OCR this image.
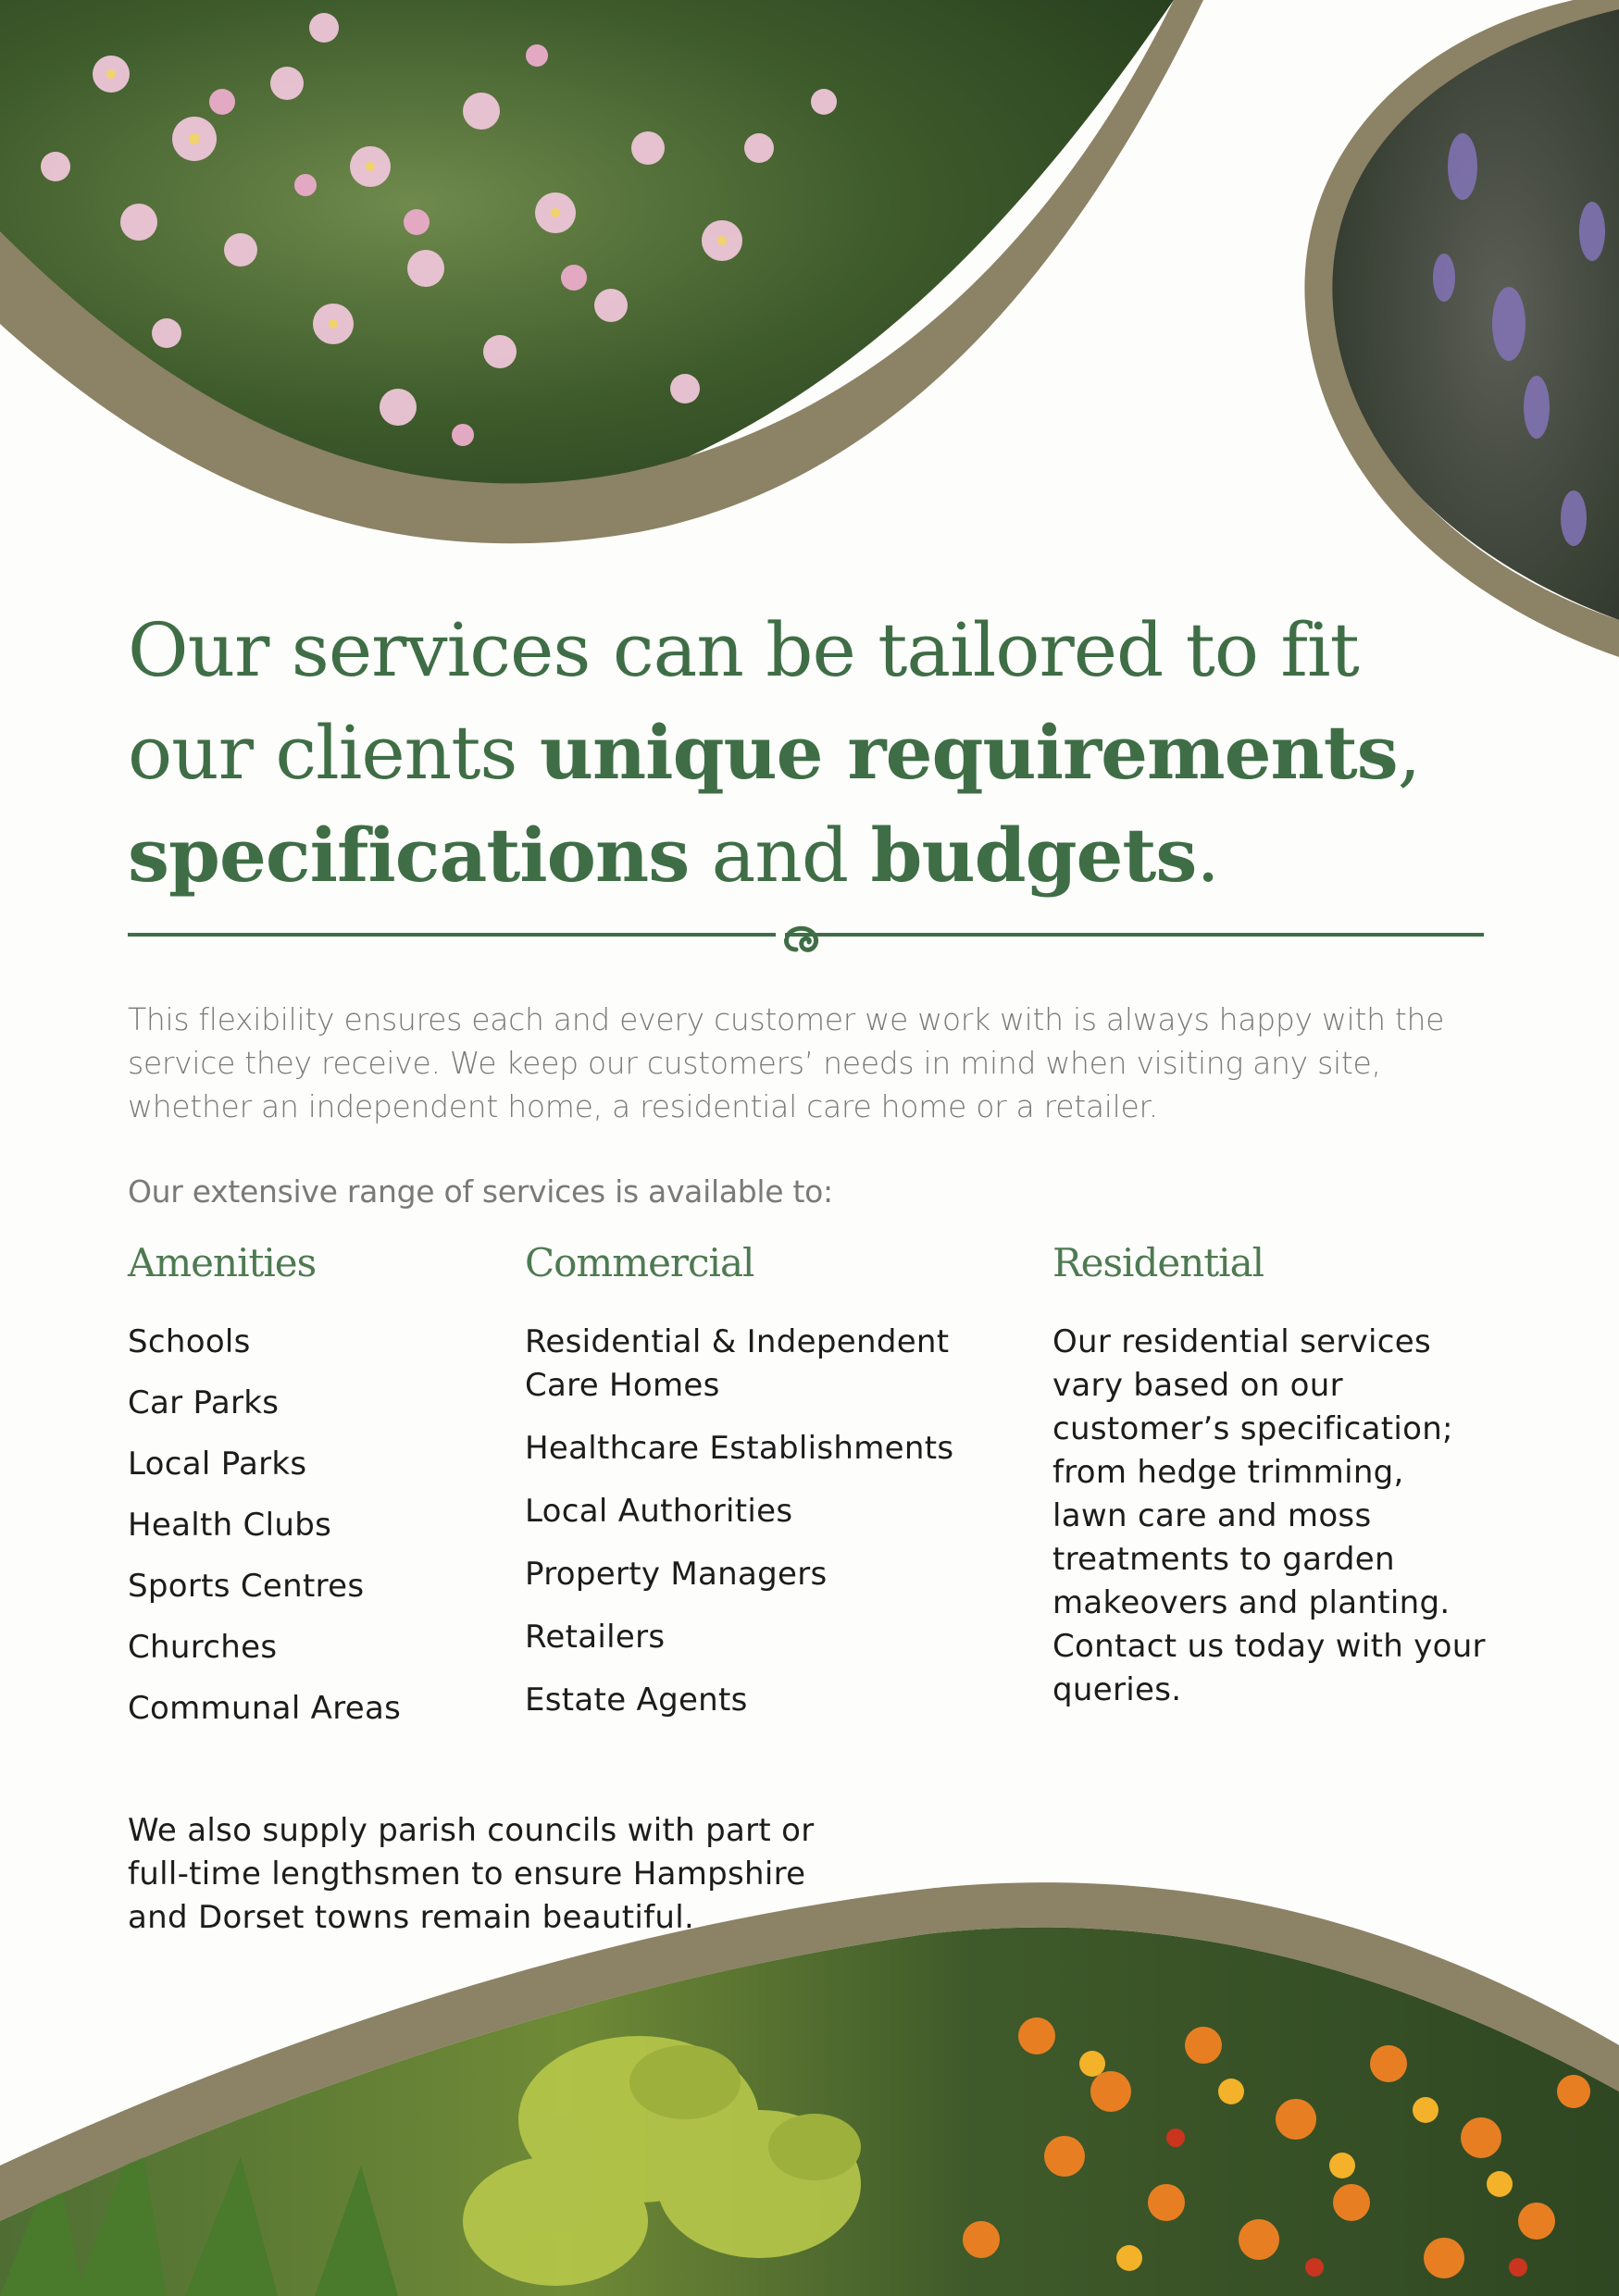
Our services can be tailored to fit
our clients unique requirements,
specifications and budgets.

This flexibility ensures each and every customer we work with is always happy with the service they receive. We keep our customers’ needs in mind when visiting any site, whether an independent home, a residential care home or a retailer.

Our extensive range of services is available to:

Amenities
Schools
Car Parks
Local Parks
Health Clubs
Sports Centres
Churches
Communal Areas
Commercial
Residential & Independent Care Homes
Healthcare Establishments
Local Authorities
Property Managers
Retailers
Estate Agents
Residential

Our residential services vary based on our customer’s specification; from hedge trimming, lawn care and moss treatments to garden makeovers and planting. Contact us today with your queries.

We also supply parish councils with part or full-time lengthsmen to ensure Hampshire and Dorset towns remain beautiful.
